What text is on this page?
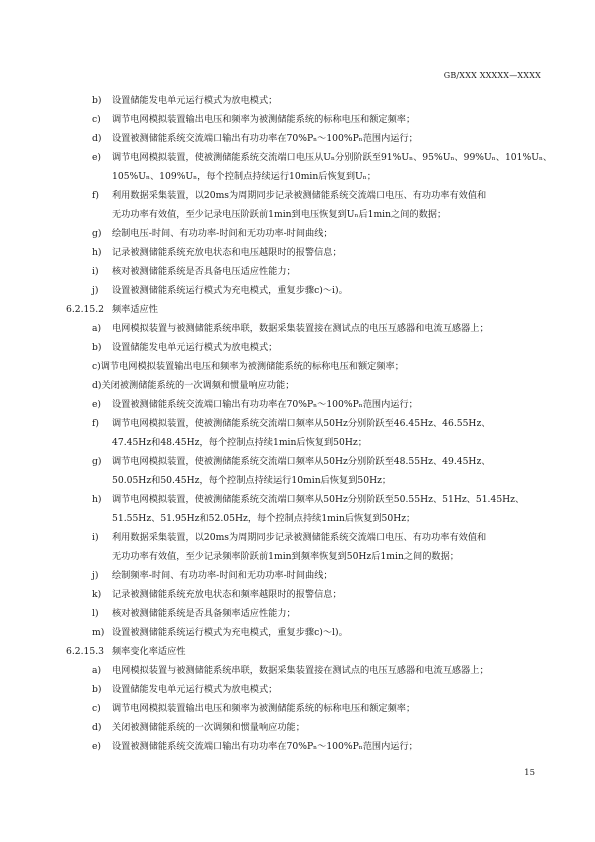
GB/XXX XXXXX—XXXX
b) 设置储能发电单元运行模式为放电模式；
c) 调节电网模拟装置输出电压和频率为被测储能系统的标称电压和额定频率；
d) 设置被测储能系统交流端口输出有功功率在70%Pₙ～100%Pₙ范围内运行；
e) 调节电网模拟装置，使被测储能系统交流端口电压从Uₙ分别阶跃至91%Uₙ、95%Uₙ、99%Uₙ、101%Uₙ、
105%Uₙ、109%Uₙ，每个控制点持续运行10min后恢复到Uₙ；
f) 利用数据采集装置，以20ms为周期同步记录被测储能系统交流端口电压、有功功率有效值和
无功功率有效值，至少记录电压阶跃前1min到电压恢复到Uₙ后1min之间的数据；
g) 绘制电压-时间、有功功率-时间和无功功率-时间曲线；
h) 记录被测储能系统充放电状态和电压越限时的报警信息；
i) 核对被测储能系统是否具备电压适应性能力；
j) 设置被测储能系统运行模式为充电模式，重复步骤c)～i)。
6.2.15.2 频率适应性
a) 电网模拟装置与被测储能系统串联，数据采集装置接在测试点的电压互感器和电流互感器上；
b) 设置储能发电单元运行模式为放电模式；
c)调节电网模拟装置输出电压和频率为被测储能系统的标称电压和额定频率；
d)关闭被测储能系统的一次调频和惯量响应功能；
e) 设置被测储能系统交流端口输出有功功率在70%Pₙ～100%Pₙ范围内运行；
f) 调节电网模拟装置，使被测储能系统交流端口频率从50Hz分别阶跃至46.45Hz、46.55Hz、
47.45Hz和48.45Hz，每个控制点持续1min后恢复到50Hz；
g) 调节电网模拟装置，使被测储能系统交流端口频率从50Hz分别阶跃至48.55Hz、49.45Hz、
50.05Hz和50.45Hz，每个控制点持续运行10min后恢复到50Hz；
h) 调节电网模拟装置，使被测储能系统交流端口频率从50Hz分别阶跃至50.55Hz、51Hz、51.45Hz、
51.55Hz、51.95Hz和52.05Hz，每个控制点持续1min后恢复到50Hz；
i) 利用数据采集装置，以20ms为周期同步记录被测储能系统交流端口电压、有功功率有效值和
无功功率有效值，至少记录频率阶跃前1min到频率恢复到50Hz后1min之间的数据；
j) 绘制频率-时间、有功功率-时间和无功功率-时间曲线；
k) 记录被测储能系统充放电状态和频率越限时的报警信息；
l) 核对被测储能系统是否具备频率适应性能力；
m) 设置被测储能系统运行模式为充电模式，重复步骤c)～l)。
6.2.15.3 频率变化率适应性
a) 电网模拟装置与被测储能系统串联，数据采集装置接在测试点的电压互感器和电流互感器上；
b) 设置储能发电单元运行模式为放电模式；
c) 调节电网模拟装置输出电压和频率为被测储能系统的标称电压和额定频率；
d) 关闭被测储能系统的一次调频和惯量响应功能；
e) 设置被测储能系统交流端口输出有功功率在70%Pₙ～100%Pₙ范围内运行；
15
